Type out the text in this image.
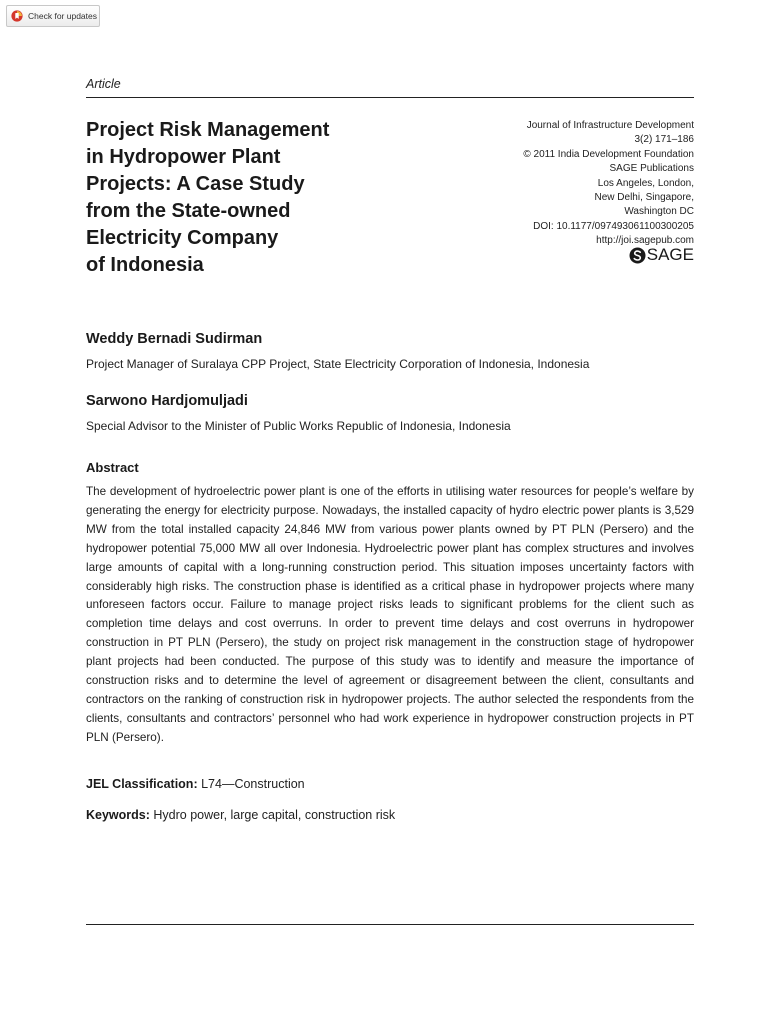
Check for updates
Article
Project Risk Management
in Hydropower Plant
Projects: A Case Study
from the State-owned
Electricity Company
of Indonesia
Journal of Infrastructure Development
3(2) 171–186
© 2011 India Development Foundation
SAGE Publications
Los Angeles, London,
New Delhi, Singapore,
Washington DC
DOI: 10.1177/097493061100300205
http://joi.sagepub.com
SAGE
Weddy Bernadi Sudirman
Project Manager of Suralaya CPP Project, State Electricity Corporation of Indonesia, Indonesia
Sarwono Hardjomuljadi
Special Advisor to the Minister of Public Works Republic of Indonesia, Indonesia
Abstract

The development of hydroelectric power plant is one of the efforts in utilising water resources for people’s welfare by generating the energy for electricity purpose. Nowadays, the installed capacity of hydro electric power plants is 3,529 MW from the total installed capacity 24,846 MW from various power plants owned by PT PLN (Persero) and the hydropower potential 75,000 MW all over Indonesia. Hydroelectric power plant has complex structures and involves large amounts of capital with a long-running construction period. This situation imposes uncertainty factors with considerably high risks. The construction phase is identified as a critical phase in hydropower projects where many unforeseen factors occur. Failure to manage project risks leads to significant problems for the client such as completion time delays and cost overruns. In order to prevent time delays and cost overruns in hydropower construction in PT PLN (Persero), the study on project risk management in the construction stage of hydropower plant projects had been conducted. The purpose of this study was to identify and measure the importance of construction risks and to determine the level of agreement or disagreement between the client, consultants and contractors on the ranking of construction risk in hydropower projects. The author selected the respondents from the clients, consultants and contractors’ personnel who had work experience in hydropower construction projects in PT PLN (Persero).

JEL Classification: L74—Construction
Keywords: Hydro power, large capital, construction risk
